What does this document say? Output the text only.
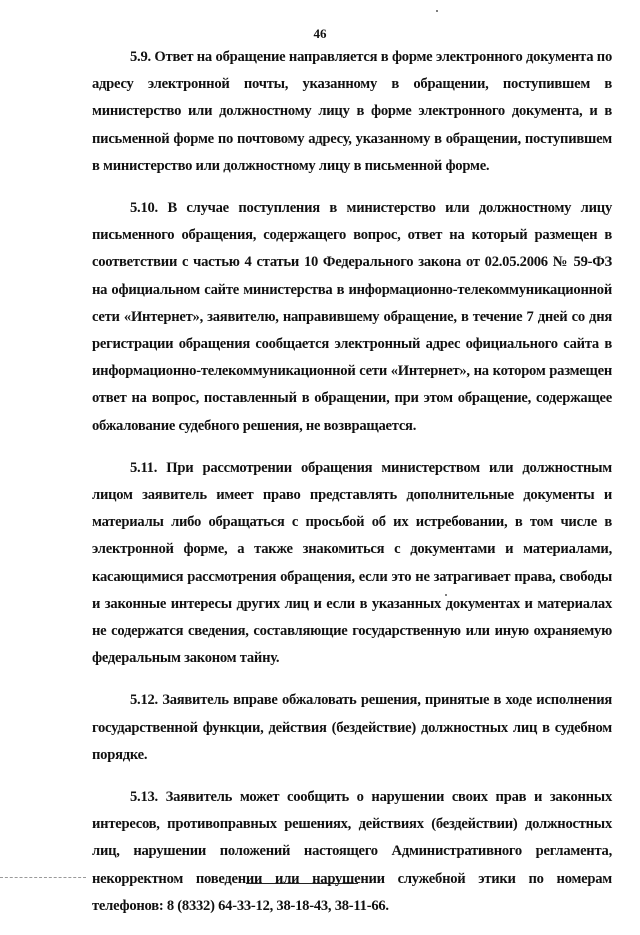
46

5.9. Ответ на обращение направляется в форме электронного документа по адресу электронной почты, указанному в обращении, поступившем в министерство или должностному лицу в форме электронного документа, и в письменной форме по почтовому адресу, указанному в обращении, поступившем в министерство или должностному лицу в письменной форме.

5.10. В случае поступления в министерство или должностному лицу письменного обращения, содержащего вопрос, ответ на который размещен в соответствии с частью 4 статьи 10 Федерального закона от 02.05.2006 № 59-ФЗ на официальном сайте министерства в информационно-телекоммуникационной сети «Интернет», заявителю, направившему обращение, в течение 7 дней со дня регистрации обращения сообщается электронный адрес официального сайта в информационно-телекоммуникационной сети «Интернет», на котором размещен ответ на вопрос, поставленный в обращении, при этом обращение, содержащее обжалование судебного решения, не возвращается.

5.11. При рассмотрении обращения министерством или должностным лицом заявитель имеет право представлять дополнительные документы и материалы либо обращаться с просьбой об их истребовании, в том числе в электронной форме, а также знакомиться с документами и материалами, касающимися рассмотрения обращения, если это не затрагивает права, свободы и законные интересы других лиц и если в указанных документах и материалах не содержатся сведения, составляющие государственную или иную охраняемую федеральным законом тайну.

5.12. Заявитель вправе обжаловать решения, принятые в ходе исполнения государственной функции, действия (бездействие) должностных лиц в судебном порядке.

5.13. Заявитель может сообщить о нарушении своих прав и законных интересов, противоправных решениях, действиях (бездействии) должностных лиц, нарушении положений настоящего Административного регламента, некорректном поведении или нарушении служебной этики по номерам телефонов: 8 (8332) 64-33-12, 38-18-43, 38-11-66.
